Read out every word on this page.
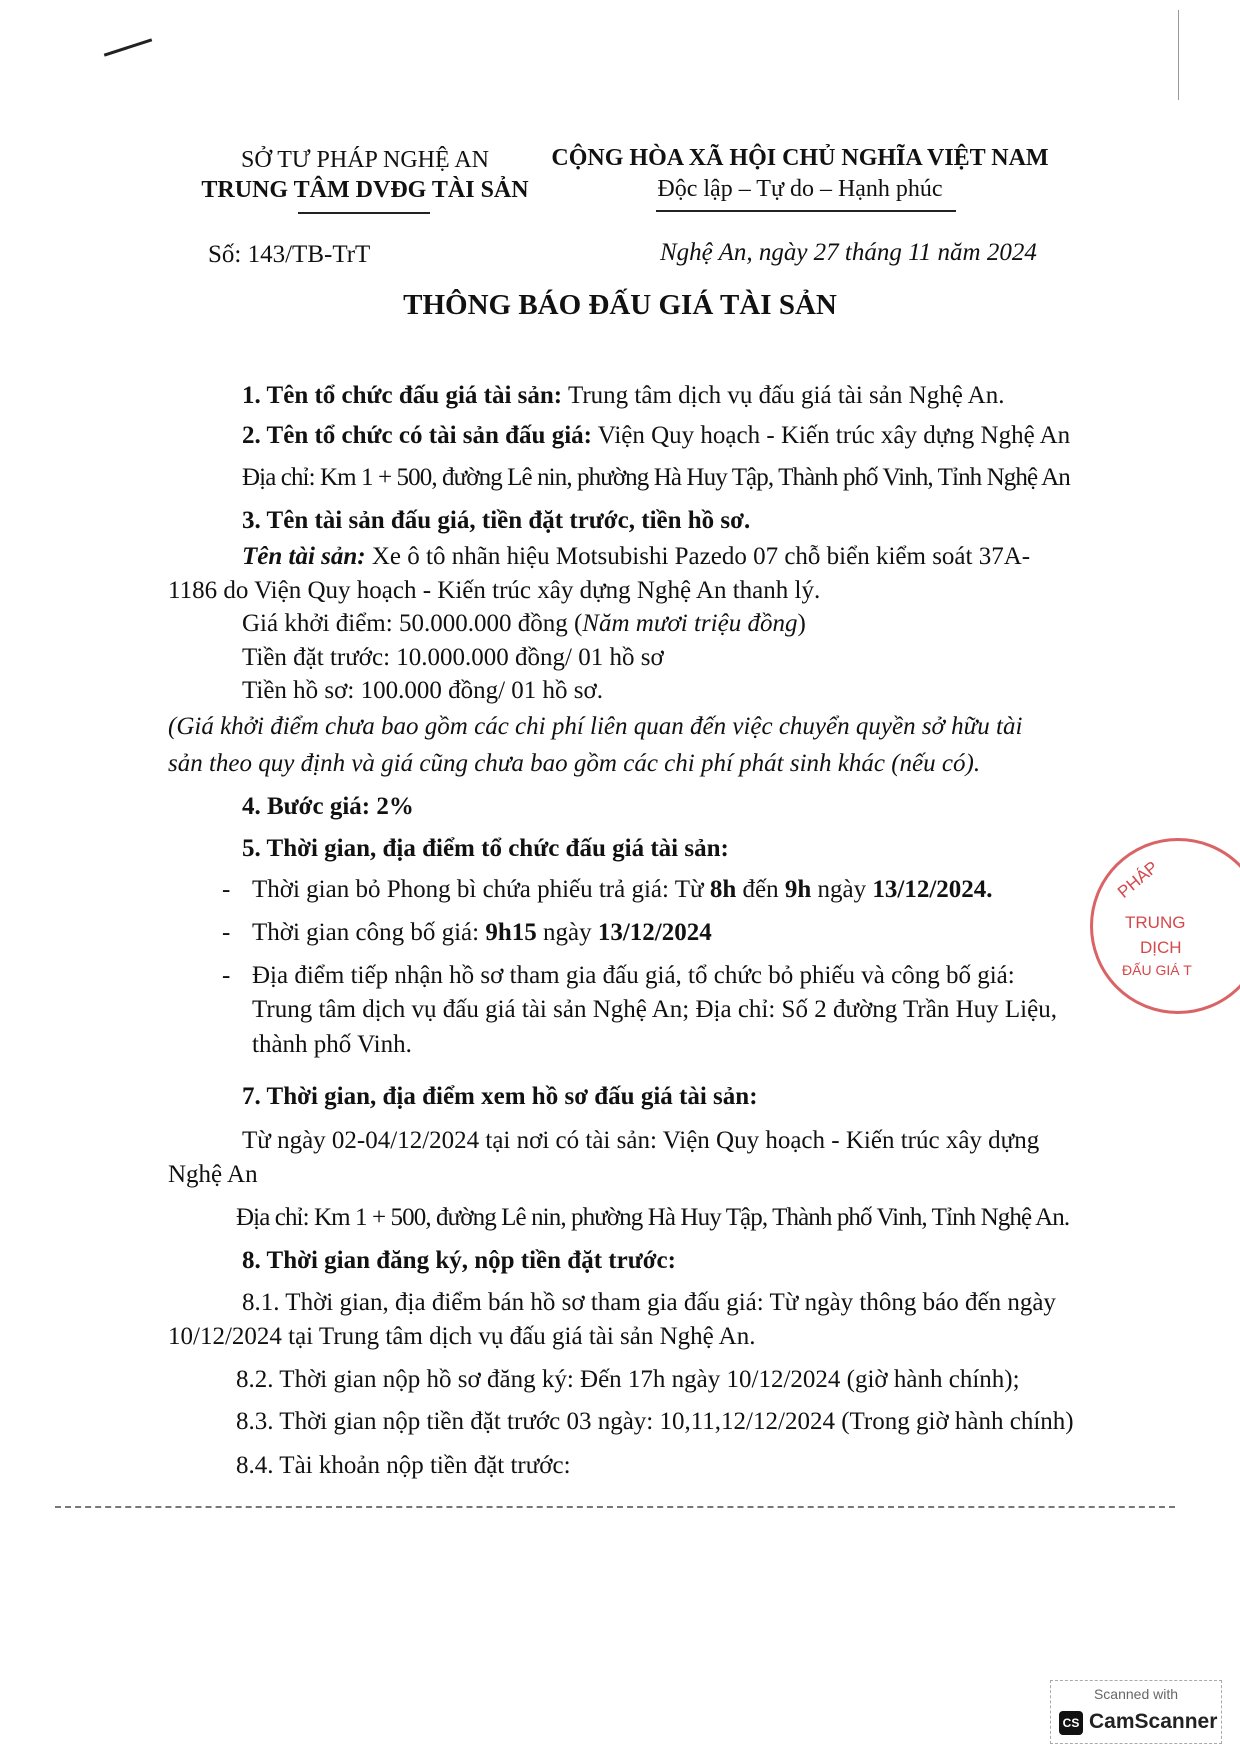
SỞ TƯ PHÁP NGHỆ AN
TRUNG TÂM DVĐG TÀI SẢN
CỘNG HÒA XÃ HỘI CHỦ NGHĨA VIỆT NAM
Độc lập – Tự do – Hạnh phúc
Số: 143/TB-TrT	Nghệ An, ngày 27 tháng 11 năm 2024
THÔNG BÁO ĐẤU GIÁ TÀI SẢN
1. Tên tổ chức đấu giá tài sản: Trung tâm dịch vụ đấu giá tài sản Nghệ An.
2. Tên tổ chức có tài sản đấu giá: Viện Quy hoạch - Kiến trúc xây dựng Nghệ An
Địa chỉ: Km 1 + 500, đường Lê nin, phường Hà Huy Tập, Thành phố Vinh, Tỉnh Nghệ An
3. Tên tài sản đấu giá, tiền đặt trước, tiền hồ sơ.
Tên tài sản: Xe ô tô nhãn hiệu Motsubishi Pazedo 07 chỗ biển kiểm soát 37A-
1186 do Viện Quy hoạch - Kiến trúc xây dựng Nghệ An thanh lý.
Giá khởi điểm: 50.000.000 đồng (Năm mươi triệu đồng)
Tiền đặt trước: 10.000.000 đồng/ 01 hồ sơ
Tiền hồ sơ: 100.000 đồng/ 01 hồ sơ.
(Giá khởi điểm chưa bao gồm các chi phí liên quan đến việc chuyển quyền sở hữu tài
sản theo quy định và giá cũng chưa bao gồm các chi phí phát sinh khác (nếu có).
4. Bước giá: 2%
5. Thời gian, địa điểm tổ chức đấu giá tài sản:
- Thời gian bỏ Phong bì chứa phiếu trả giá: Từ 8h đến 9h ngày 13/12/2024.
- Thời gian công bố giá: 9h15 ngày 13/12/2024
- Địa điểm tiếp nhận hồ sơ tham gia đấu giá, tổ chức bỏ phiếu và công bố giá:
Trung tâm dịch vụ đấu giá tài sản Nghệ An; Địa chỉ: Số 2 đường Trần Huy Liệu,
thành phố Vinh.
7. Thời gian, địa điểm xem hồ sơ đấu giá tài sản:
Từ ngày 02-04/12/2024 tại nơi có tài sản: Viện Quy hoạch - Kiến trúc xây dựng
Nghệ An
Địa chỉ: Km 1 + 500, đường Lê nin, phường Hà Huy Tập, Thành phố Vinh, Tỉnh Nghệ An.
8. Thời gian đăng ký, nộp tiền đặt trước:
8.1. Thời gian, địa điểm bán hồ sơ tham gia đấu giá: Từ ngày thông báo đến ngày
10/12/2024 tại Trung tâm dịch vụ đấu giá tài sản Nghệ An.
8.2. Thời gian nộp hồ sơ đăng ký: Đến 17h ngày 10/12/2024 (giờ hành chính);
8.3. Thời gian nộp tiền đặt trước 03 ngày: 10,11,12/12/2024 (Trong giờ hành chính)
8.4. Tài khoản nộp tiền đặt trước:
PHÁP
TRUNG
DỊCH
ĐẤU GIÁ T
Scanned with
CS CamScanner
